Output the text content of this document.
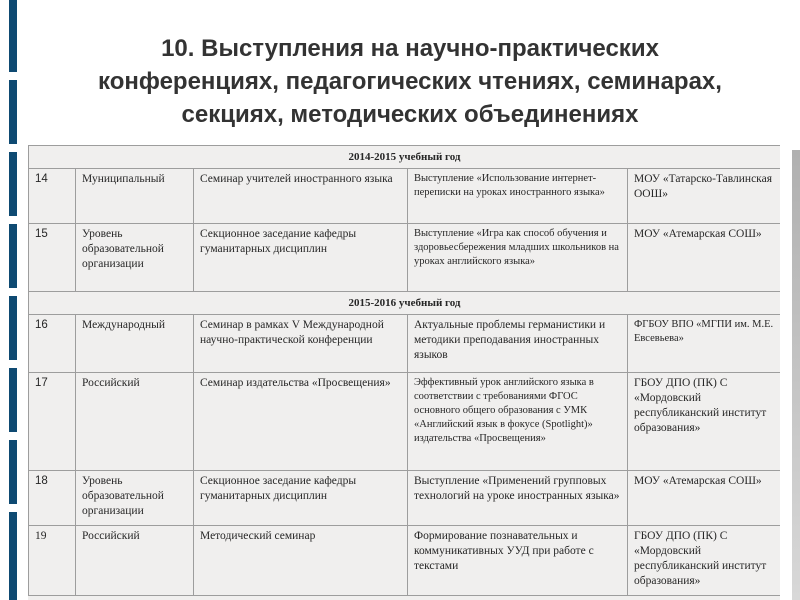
10. Выступления на научно-практических
конференциях, педагогических чтениях, семинарах,
секциях, методических объединениях
2014-2015 учебный год				
14	Муниципальный	Семинар учителей иностранного языка	Выступление «Использование интернет-переписки на уроках иностранного языка»	МОУ «Татарско-Тавлинская ООШ»
15	Уровень образовательной организации	Секционное заседание кафедры гуманитарных дисциплин	Выступление «Игра как способ обучения и здоровьесбережения младших школьников на уроках английского языка»	МОУ «Атемарская СОШ»
2015-2016 учебный год				
16	Международный	Семинар в рамках V Международной научно-практической конференции	Актуальные проблемы германистики и методики преподавания иностранных языков	ФГБОУ ВПО «МГПИ им. М.Е. Евсевьева»
17	Российский	Семинар издательства «Просвещения»	Эффективный урок английского языка в соответствии с требованиями ФГОС основного общего образования с УМК «Английский язык в фокусе (Spotlight)» издательства «Просвещения»	ГБОУ ДПО (ПК) С «Мордовский республиканский институт образования»
18	Уровень образовательной организации	Секционное заседание кафедры гуманитарных дисциплин	Выступление «Применений групповых технологий на уроке иностранных языка»	МОУ «Атемарская СОШ»
19	Российский	Методический семинар	Формирование познавательных и коммуникативных УУД при работе с текстами	ГБОУ ДПО (ПК) С «Мордовский республиканский институт образования»
